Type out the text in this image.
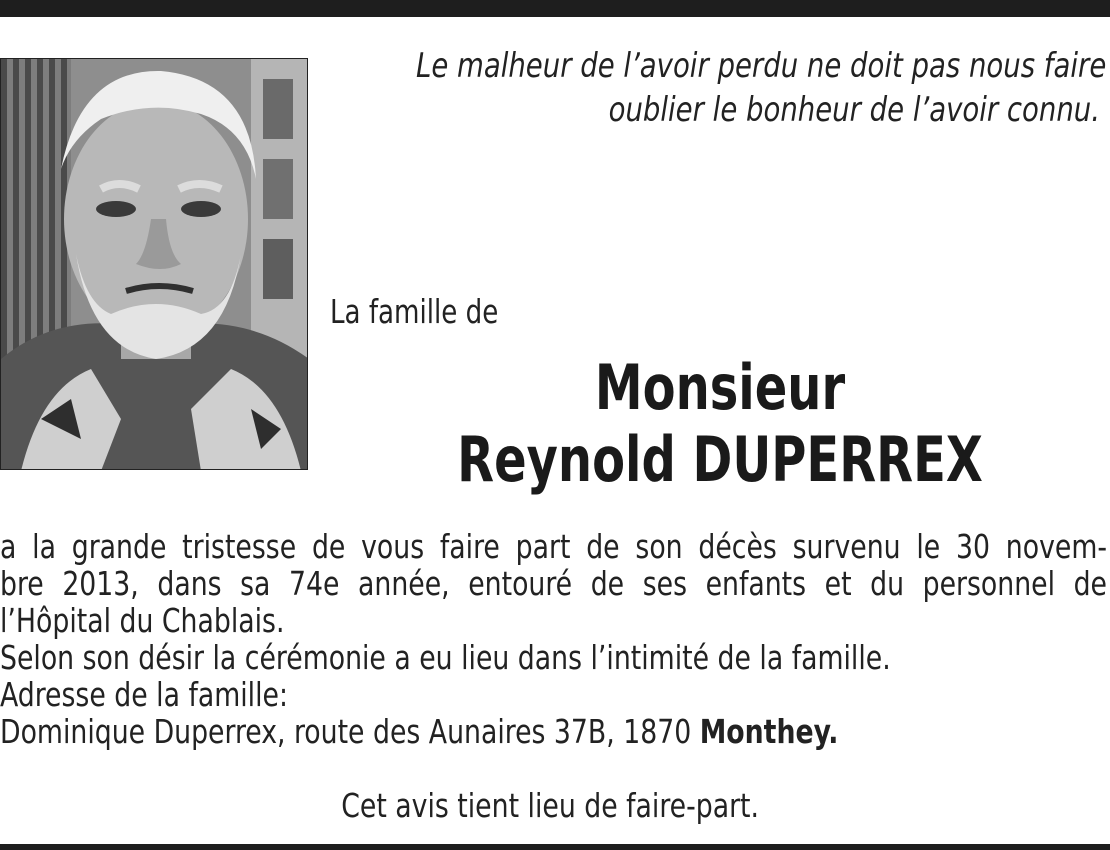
Le malheur de l’avoir perdu ne doit pas nous faire
oublier le bonheur de l’avoir connu.
La famille de
Monsieur
Reynold DUPERREX
a la grande tristesse de vous faire part de son décès survenu le 30 novem-
bre 2013, dans sa 74e année, entouré de ses enfants et du personnel de
l’Hôpital du Chablais.
Selon son désir la cérémonie a eu lieu dans l’intimité de la famille.
Adresse de la famille:
Dominique Duperrex, route des Aunaires 37B, 1870 Monthey.
Cet avis tient lieu de faire-part.
